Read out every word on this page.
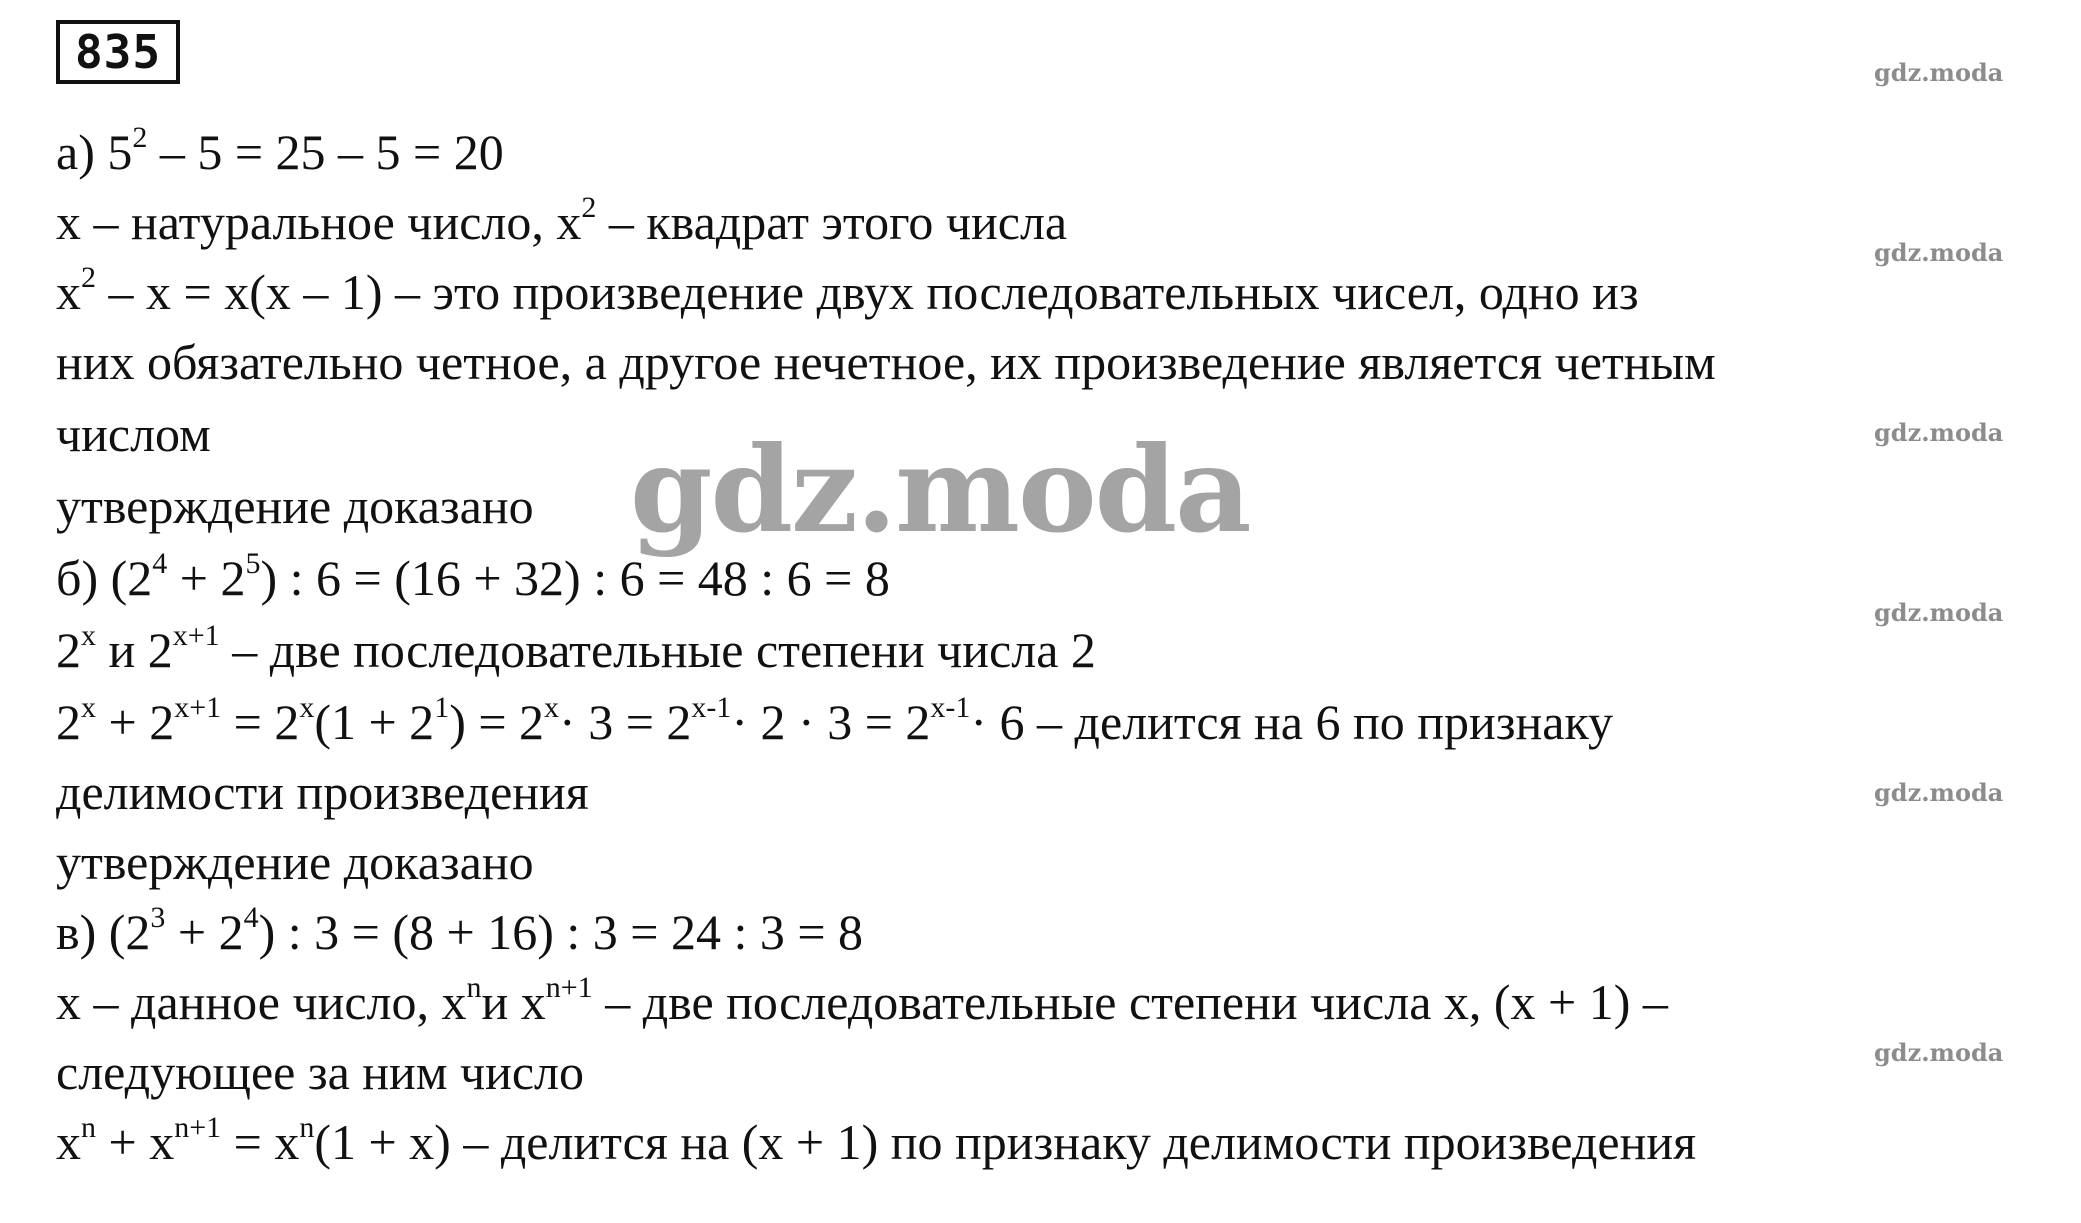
835	gdz.moda
gdz.moda
gdz.moda
gdz.moda
gdz.moda
gdz.moda
а) $5^2 - 5 = 25 - 5 = 20$
x – натуральное число, $x^2$ – квадрат этого числа
$x^2 - x = x(x - 1)$ – это произведение двух последовательных чисел, одно из
них обязательно четное, а другое нечетное, их произведение является четным
числом
утверждение доказано
б) $(2^4 + 2^5)$ : 6 = (16 + 32) : 6 = 48 : 6 = 8
2$^x$ и $2^{x+1}$ – две последовательные степени числа 2
$2^x + 2^{x+1} = 2^x(1 + 2^1) = 2^x\cdot 3 = 2^{x-1}\cdot 2 \cdot 3 = 2^{x-1}\cdot 6$ – делится на 6 по признаку
делимости произведения
утверждение доказано
в) $(2^3 + 2^4)$ : 3 = (8 + 16) : 3 = 24 : 3 = 8
x – данное число, $x^nи$ $x^{n+1}$ – две последовательные степени числа x, (x + 1) –
следующее за ним число
$x^n + x^{n+1} = x^n(1 + x)$ – делится на (x + 1) по признаку делимости произведения
gdz.moda
